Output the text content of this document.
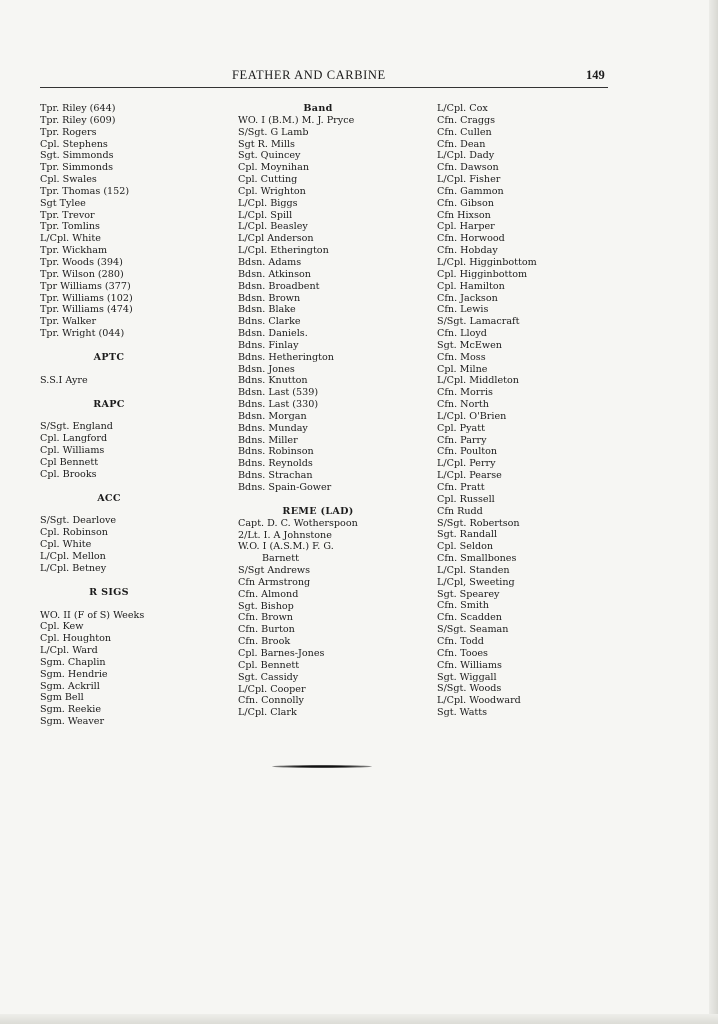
FEATHER AND CARBINE	149
Tpr. Riley (644)
Tpr. Riley (609)
Tpr. Rogers
Cpl. Stephens
Sgt. Simmonds
Tpr. Simmonds
Cpl. Swales
Tpr. Thomas (152)
Sgt Tylee
Tpr. Trevor
Tpr. Tomlins
L/Cpl. White
Tpr. Wickham
Tpr. Woods (394)
Tpr. Wilson (280)
Tpr Williams (377)
Tpr. Williams (102)
Tpr. Williams (474)
Tpr. Walker
Tpr. Wright (044)
APTC
S.S.I Ayre
RAPC
S/Sgt. England
Cpl. Langford
Cpl. Williams
Cpl Bennett
Cpl. Brooks
ACC
S/Sgt. Dearlove
Cpl. Robinson
Cpl. White
L/Cpl. Mellon
L/Cpl. Betney
R SIGS
WO. II (F of S) Weeks
Cpl. Kew
Cpl. Houghton
L/Cpl. Ward
Sgm. Chaplin
Sgm. Hendrie
Sgm. Ackrill
Sgm Bell
Sgm. Reekie
Sgm. Weaver
Band
WO. I (B.M.) M. J. Pryce
S/Sgt. G Lamb
Sgt R. Mills
Sgt. Quincey
Cpl. Moynihan
Cpl. Cutting
Cpl. Wrighton
L/Cpl. Biggs
L/Cpl. Spill
L/Cpl. Beasley
L/Cpl Anderson
L/Cpl. Etherington
Bdsn. Adams
Bdsn. Atkinson
Bdsn. Broadbent
Bdsn. Brown
Bdsn. Blake
Bdns. Clarke
Bdsn. Daniels.
Bdns. Finlay
Bdns. Hetherington
Bdsn. Jones
Bdns. Knutton
Bdsn. Last (539)
Bdns. Last (330)
Bdsn. Morgan
Bdns. Munday
Bdns. Miller
Bdns. Robinson
Bdns. Reynolds
Bdns. Strachan
Bdns. Spain-Gower
REME (LAD)
Capt. D. C. Wotherspoon
2/Lt. I. A Johnstone
W.O. I (A.S.M.) F. G.
Barnett
S/Sgt Andrews
Cfn Armstrong
Cfn. Almond
Sgt. Bishop
Cfn. Brown
Cfn. Burton
Cfn. Brook
Cpl. Barnes-Jones
Cpl. Bennett
Sgt. Cassidy
L/Cpl. Cooper
Cfn. Connolly
L/Cpl. Clark
L/Cpl. Cox
Cfn. Craggs
Cfn. Cullen
Cfn. Dean
L/Cpl. Dady
Cfn. Dawson
L/Cpl. Fisher
Cfn. Gammon
Cfn. Gibson
Cfn Hixson
Cpl. Harper
Cfn. Horwood
Cfn. Hobday
L/Cpl. Higginbottom
Cpl. Higginbottom
Cpl. Hamilton
Cfn. Jackson
Cfn. Lewis
S/Sgt. Lamacraft
Cfn. Lloyd
Sgt. McEwen
Cfn. Moss
Cpl. Milne
L/Cpl. Middleton
Cfn. Morris
Cfn. North
L/Cpl. O'Brien
Cpl. Pyatt
Cfn. Parry
Cfn. Poulton
L/Cpl. Perry
L/Cpl. Pearse
Cfn. Pratt
Cpl. Russell
Cfn Rudd
S/Sgt. Robertson
Sgt. Randall
Cpl. Seldon
Cfn. Smallbones
L/Cpl. Standen
L/Cpl, Sweeting
Sgt. Spearey
Cfn. Smith
Cfn. Scadden
S/Sgt. Seaman
Cfn. Todd
Cfn. Tooes
Cfn. Williams
Sgt. Wiggall
S/Sgt. Woods
L/Cpl. Woodward
Sgt. Watts
